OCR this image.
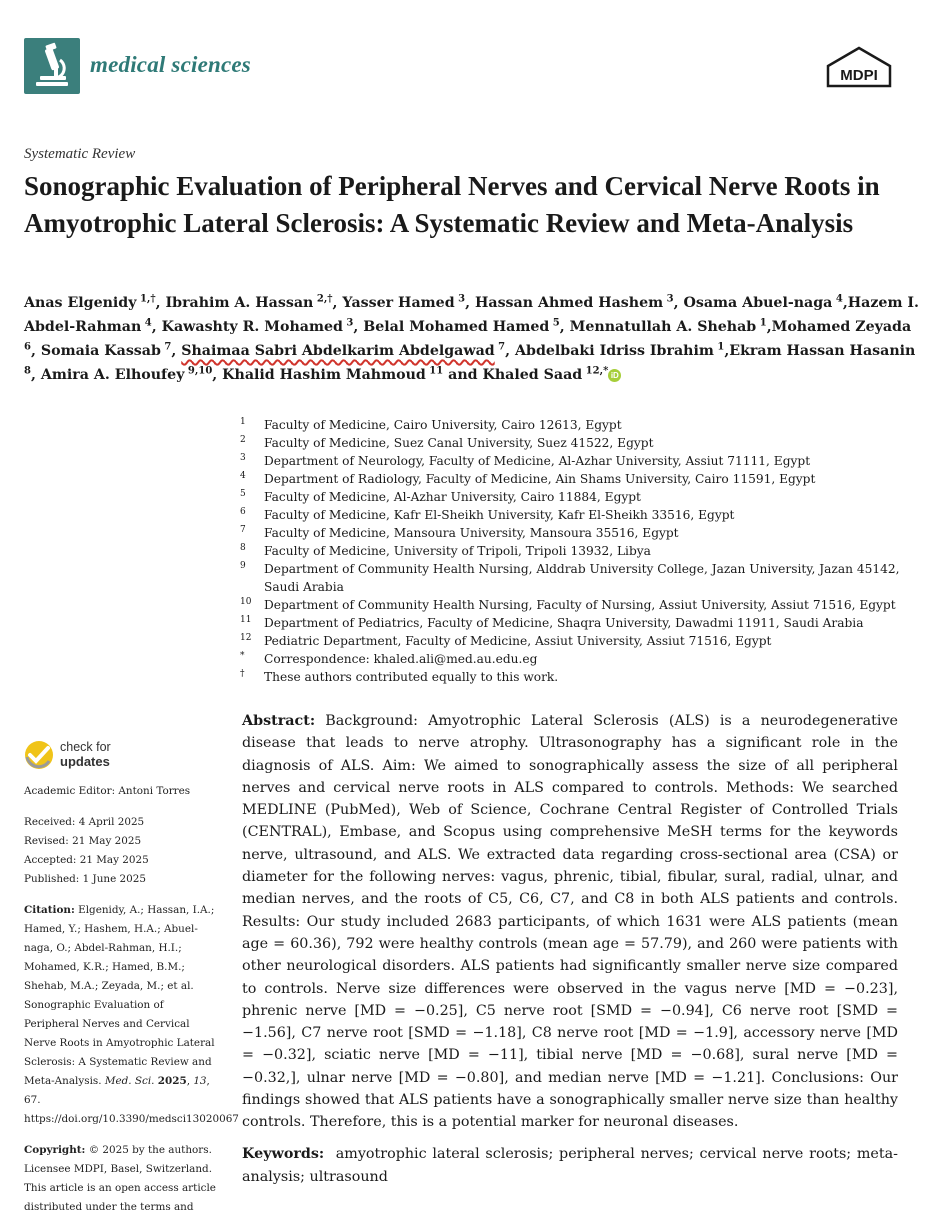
medical sciences	MDPI
Systematic Review
Sonographic Evaluation of Peripheral Nerves and Cervical Nerve Roots in Amyotrophic Lateral Sclerosis: A Systematic Review and Meta-Analysis
Anas Elgenidy $^{1,\dagger}$, Ibrahim A. Hassan $^{2,\dagger}$, Yasser Hamed $^3$, Hassan Ahmed Hashem $^3$, Osama Abuel-naga $^4$,Hazem I. Abdel-Rahman $^4$, Kawashty R. Mohamed $^3$, Belal Mohamed Hamed $^5$, Mennatullah A. Shehab $^1$,Mohamed Zeyada $^6$, Somaia Kassab $^7$, Shaimaa Sabri Abdelkarim Abdelgawad $^7$, Abdelbaki Idriss Ibrahim $^1$,Ekram Hassan Hasanin $^8$, Amira A. Elhoufey $^{9,10}$, Khalid Hashim Mahmoud $^{11}$ and Khaled Saad $^{12,*}$ iD
1 Faculty of Medicine, Cairo University, Cairo 12613, Egypt
2 Faculty of Medicine, Suez Canal University, Suez 41522, Egypt
3 Department of Neurology, Faculty of Medicine, Al-Azhar University, Assiut 71111, Egypt
4 Department of Radiology, Faculty of Medicine, Ain Shams University, Cairo 11591, Egypt
5 Faculty of Medicine, Al-Azhar University, Cairo 11884, Egypt
6 Faculty of Medicine, Kafr El-Sheikh University, Kafr El-Sheikh 33516, Egypt
7 Faculty of Medicine, Mansoura University, Mansoura 35516, Egypt
8 Faculty of Medicine, University of Tripoli, Tripoli 13932, Libya
9 Department of Community Health Nursing, Alddrab University College, Jazan University, Jazan 45142, Saudi Arabia
10 Department of Community Health Nursing, Faculty of Nursing, Assiut University, Assiut 71516, Egypt
11 Department of Pediatrics, Faculty of Medicine, Shaqra University, Dawadmi 11911, Saudi Arabia
12 Pediatric Department, Faculty of Medicine, Assiut University, Assiut 71516, Egypt
* Correspondence: khaled.ali@med.au.edu.eg
† These authors contributed equally to this work.
check for
updates
Academic Editor: Antoni Torres
Received: 4 April 2025
Revised: 21 May 2025
Accepted: 21 May 2025
Published: 1 June 2025
Citation: Elgenidy, A.; Hassan, I.A.; Hamed, Y.; Hashem, H.A.; Abuel-naga, O.; Abdel-Rahman, H.I.; Mohamed, K.R.; Hamed, B.M.; Shehab, M.A.; Zeyada, M.; et al. Sonographic Evaluation of Peripheral Nerves and Cervical Nerve Roots in Amyotrophic Lateral Sclerosis: A Systematic Review and Meta-Analysis. Med. Sci. 2025, 13, 67. https://doi.org/10.3390/medsci13020067
Copyright: © 2025 by the authors. Licensee MDPI, Basel, Switzerland. This article is an open access article distributed under the terms and
Abstract: Background: Amyotrophic Lateral Sclerosis (ALS) is a neurodegenerative disease that leads to nerve atrophy. Ultrasonography has a significant role in the diagnosis of ALS. Aim: We aimed to sonographically assess the size of all peripheral nerves and cervical nerve roots in ALS compared to controls. Methods: We searched MEDLINE (PubMed), Web of Science, Cochrane Central Register of Controlled Trials (CENTRAL), Embase, and Scopus using comprehensive MeSH terms for the keywords nerve, ultrasound, and ALS. We extracted data regarding cross-sectional area (CSA) or diameter for the following nerves: vagus, phrenic, tibial, fibular, sural, radial, ulnar, and median nerves, and the roots of C5, C6, C7, and C8 in both ALS patients and controls. Results: Our study included 2683 participants, of which 1631 were ALS patients (mean age = 60.36), 792 were healthy controls (mean age = 57.79), and 260 were patients with other neurological disorders. ALS patients had significantly smaller nerve size compared to controls. Nerve size differences were observed in the vagus nerve [MD = −0.23], phrenic nerve [MD = −0.25], C5 nerve root [SMD = −0.94], C6 nerve root [SMD = −1.56], C7 nerve root [SMD = −1.18], C8 nerve root [MD = −1.9], accessory nerve [MD = −0.32], sciatic nerve [MD = −11], tibial nerve [MD = −0.68], sural nerve [MD = −0.32,], ulnar nerve [MD = −0.80], and median nerve [MD = −1.21]. Conclusions: Our findings showed that ALS patients have a sonographically smaller nerve size than healthy controls. Therefore, this is a potential marker for neuronal diseases.
Keywords: amyotrophic lateral sclerosis; peripheral nerves; cervical nerve roots; meta-analysis; ultrasound
